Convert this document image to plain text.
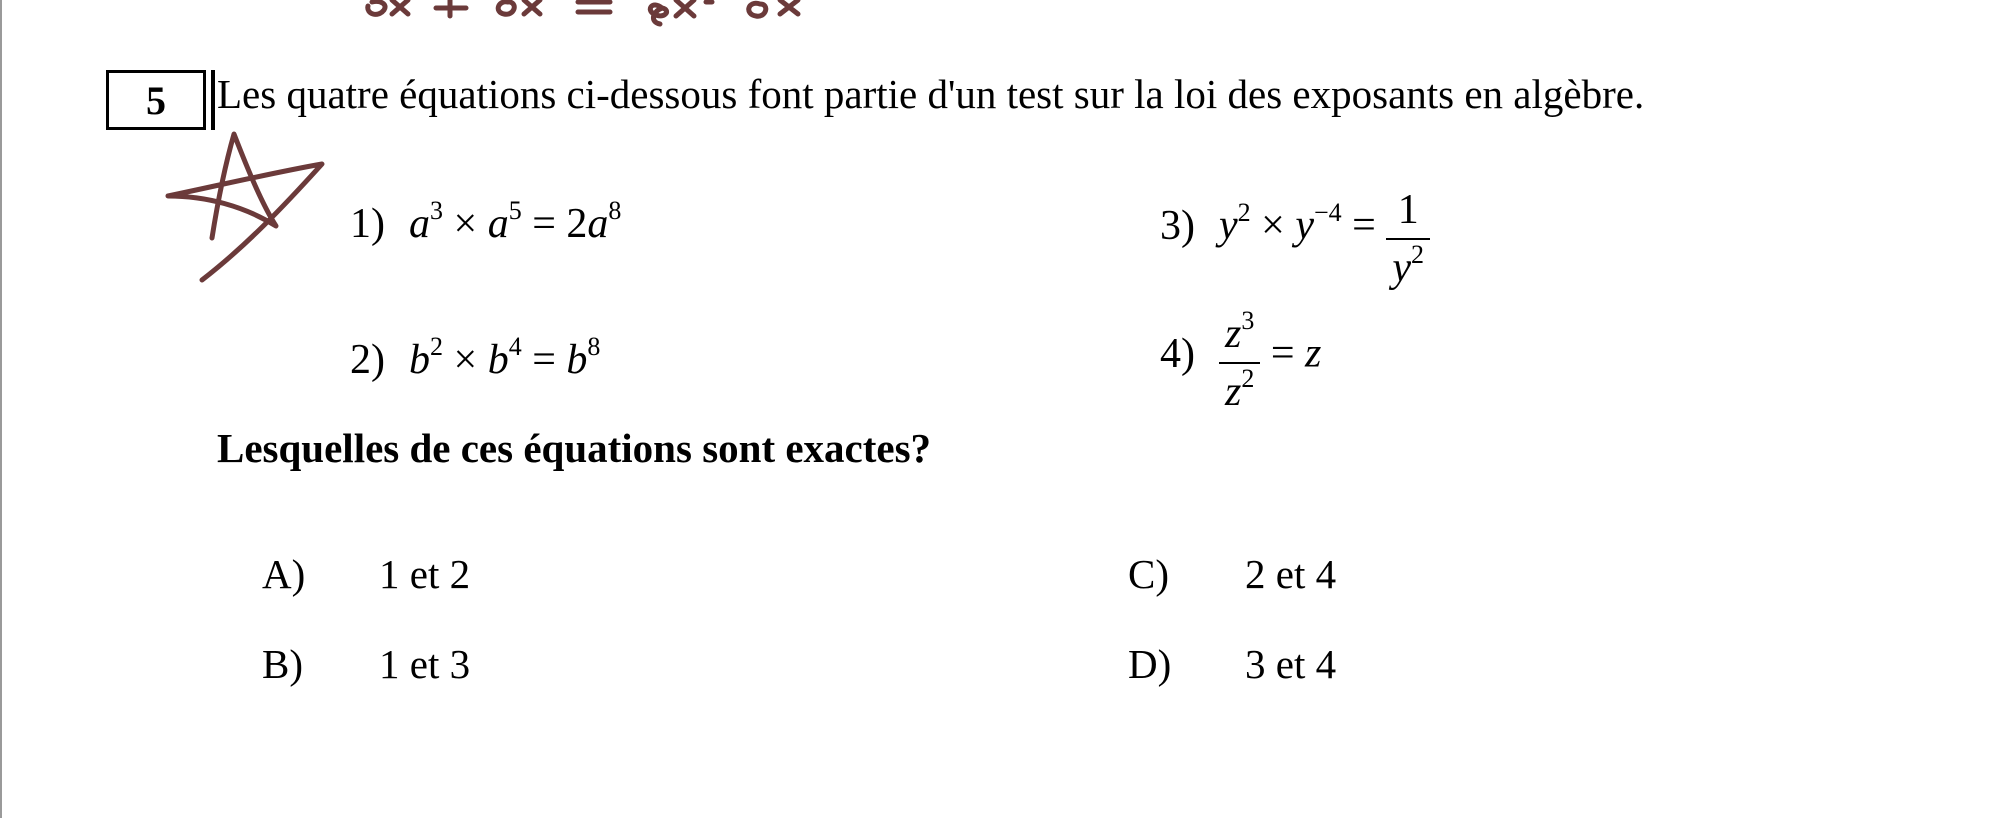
5 Les quatre équations ci-dessous font partie d'un test sur la loi des exposants en algèbre.
1) $a^3 \times a^5 = 2a^8$
2) $b^2 \times b^4 = b^8$
3) $y^2 \times y^{-4} = \frac{1}{y^2}$
$4) \frac{z^3}{z^2} = z$
Lesquelles de ces équations sont exactes?
A) 1 et 2
B) 1 et 3
C) 2 et 4
D) 3 et 4
